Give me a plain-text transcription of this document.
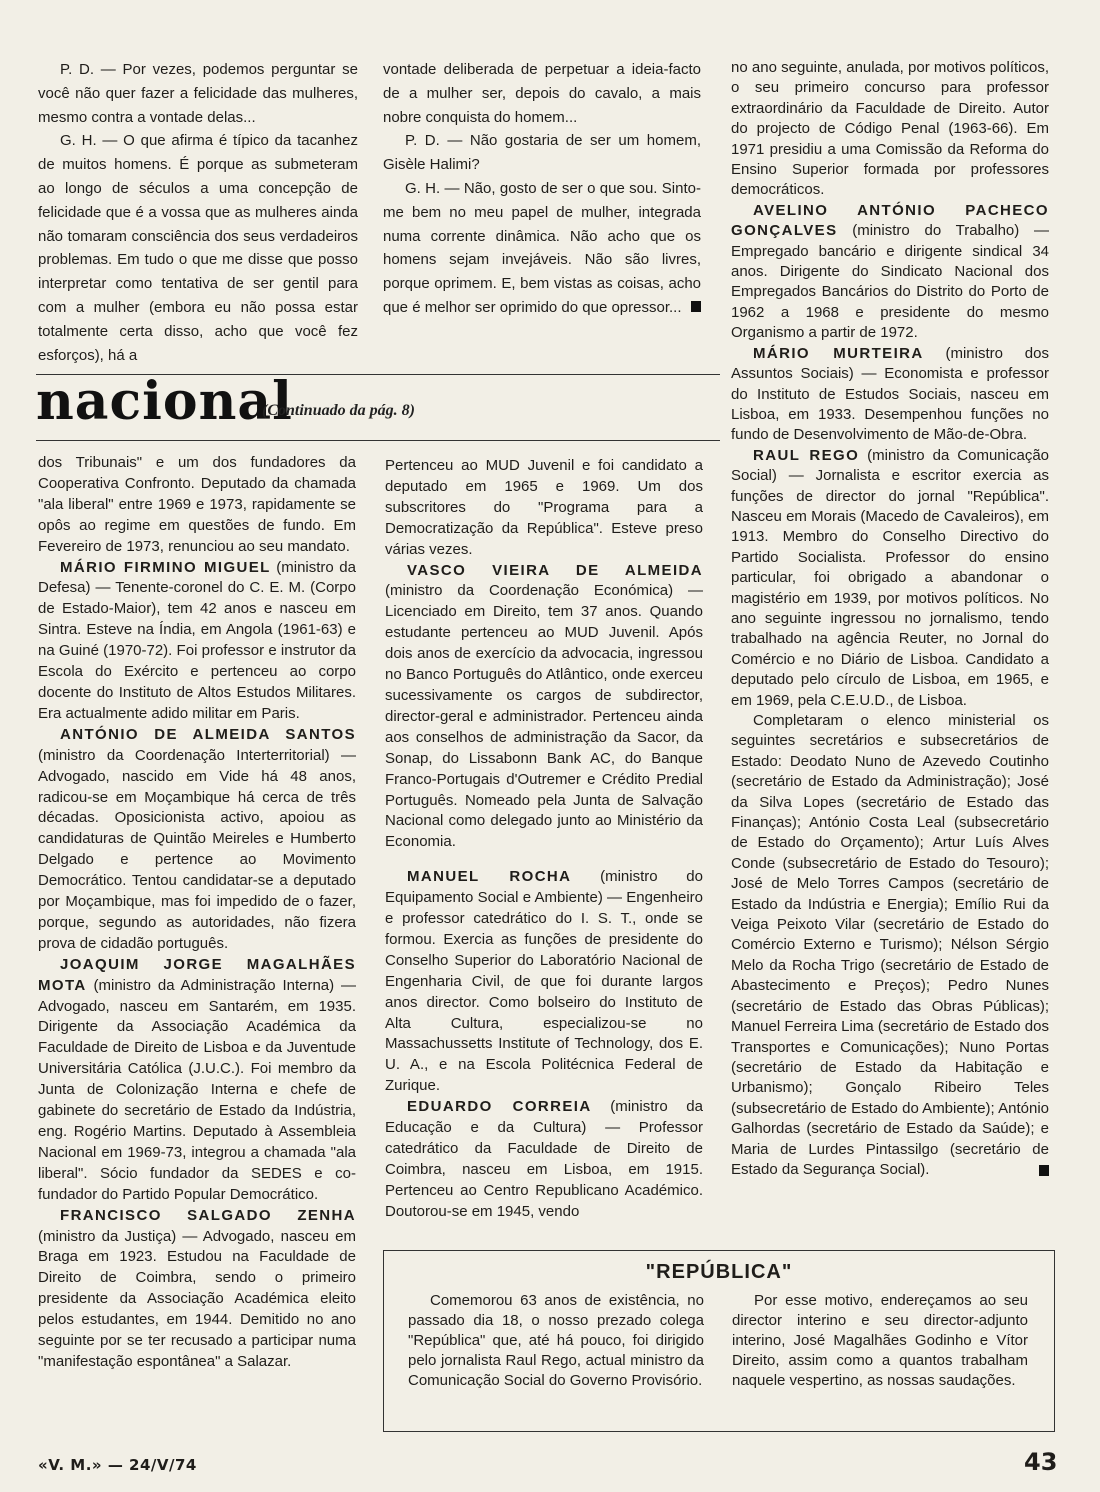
P. D. — Por vezes, podemos perguntar se você não quer fazer a felicidade das mulheres, mesmo contra a vontade delas...

G. H. — O que afirma é típico da tacanhez de muitos homens. É porque as submeteram ao longo de séculos a uma concepção de felicidade que é a vossa que as mulheres ainda não tomaram consciência dos seus verdadeiros problemas. Em tudo o que me disse que posso interpretar como tentativa de ser gentil para com a mulher (embora eu não possa estar totalmente certa disso, acho que você fez esforços), há a

vontade deliberada de perpetuar a ideia-facto de a mulher ser, depois do cavalo, a mais nobre conquista do homem...

P. D. — Não gostaria de ser um homem, Gisèle Halimi?

G. H. — Não, gosto de ser o que sou. Sinto-me bem no meu papel de mulher, integrada numa corrente dinâmica. Não acho que os homens sejam invejáveis. Não são livres, porque oprimem. E, bem vistas as coisas, acho que é melhor ser oprimido do que opressor...

nacional
(Continuado da pág. 8)

dos Tribunais" e um dos fundadores da Cooperativa Confronto. Deputado da chamada "ala liberal" entre 1969 e 1973, rapidamente se opôs ao regime em questões de fundo. Em Fevereiro de 1973, renunciou ao seu mandato.

MÁRIO FIRMINO MIGUEL (ministro da Defesa) — Tenente-coronel do C. E. M. (Corpo de Estado-Maior), tem 42 anos e nasceu em Sintra. Esteve na Índia, em Angola (1961-63) e na Guiné (1970-72). Foi professor e instrutor da Escola do Exército e pertenceu ao corpo docente do Instituto de Altos Estudos Militares. Era actualmente adido militar em Paris.

ANTÓNIO DE ALMEIDA SANTOS (ministro da Coordenação Interterritorial) — Advogado, nascido em Vide há 48 anos, radicou-se em Moçambique há cerca de três décadas. Oposicionista activo, apoiou as candidaturas de Quintão Meireles e Humberto Delgado e pertence ao Movimento Democrático. Tentou candidatar-se a deputado por Moçambique, mas foi impedido de o fazer, porque, segundo as autoridades, não fizera prova de cidadão português.

JOAQUIM JORGE MAGALHÃES MOTA (ministro da Administração Interna) — Advogado, nasceu em Santarém, em 1935. Dirigente da Associação Académica da Faculdade de Direito de Lisboa e da Juventude Universitária Católica (J.U.C.). Foi membro da Junta de Colonização Interna e chefe de gabinete do secretário de Estado da Indústria, eng. Rogério Martins. Deputado à Assembleia Nacional em 1969-73, integrou a chamada "ala liberal". Sócio fundador da SEDES e co-fundador do Partido Popular Democrático.

FRANCISCO SALGADO ZENHA (ministro da Justiça) — Advogado, nasceu em Braga em 1923. Estudou na Faculdade de Direito de Coimbra, sendo o primeiro presidente da Associação Académica eleito pelos estudantes, em 1944. Demitido no ano seguinte por se ter recusado a participar numa "manifestação espontânea" a Salazar.

Pertenceu ao MUD Juvenil e foi candidato a deputado em 1965 e 1969. Um dos subscritores do "Programa para a Democratização da República". Esteve preso várias vezes.

VASCO VIEIRA DE ALMEIDA (ministro da Coordenação Económica) — Licenciado em Direito, tem 37 anos. Quando estudante pertenceu ao MUD Juvenil. Após dois anos de exercício da advocacia, ingressou no Banco Português do Atlântico, onde exerceu sucessivamente os cargos de subdirector, director-geral e administrador. Pertenceu ainda aos conselhos de administração da Sacor, da Sonap, do Lissabonn Bank AC, do Banque Franco-Portugais d'Outremer e Crédito Predial Português. Nomeado pela Junta de Salvação Nacional como delegado junto ao Ministério da Economia.

MANUEL ROCHA (ministro do Equipamento Social e Ambiente) — Engenheiro e professor catedrático do I. S. T., onde se formou. Exercia as funções de presidente do Conselho Superior do Laboratório Nacional de Engenharia Civil, de que foi durante largos anos director. Como bolseiro do Instituto de Alta Cultura, especializou-se no Massachussetts Institute of Technology, dos E. U. A., e na Escola Politécnica Federal de Zurique.

EDUARDO CORREIA (ministro da Educação e da Cultura) — Professor catedrático da Faculdade de Direito de Coimbra, nasceu em Lisboa, em 1915. Pertenceu ao Centro Republicano Académico. Doutorou-se em 1945, vendo

no ano seguinte, anulada, por motivos políticos, o seu primeiro concurso para professor extraordinário da Faculdade de Direito. Autor do projecto de Código Penal (1963-66). Em 1971 presidiu a uma Comissão da Reforma do Ensino Superior formada por professores democráticos.

AVELINO ANTÓNIO PACHECO GONÇALVES (ministro do Trabalho) — Empregado bancário e dirigente sindical 34 anos. Dirigente do Sindicato Nacional dos Empregados Bancários do Distrito do Porto de 1962 a 1968 e presidente do mesmo Organismo a partir de 1972.

MÁRIO MURTEIRA (ministro dos Assuntos Sociais) — Economista e professor do Instituto de Estudos Sociais, nasceu em Lisboa, em 1933. Desempenhou funções no fundo de Desenvolvimento de Mão-de-Obra.

RAUL REGO (ministro da Comunicação Social) — Jornalista e escritor exercia as funções de director do jornal "República". Nasceu em Morais (Macedo de Cavaleiros), em 1913. Membro do Conselho Directivo do Partido Socialista. Professor do ensino particular, foi obrigado a abandonar o magistério em 1939, por motivos políticos. No ano seguinte ingressou no jornalismo, tendo trabalhado na agência Reuter, no Jornal do Comércio e no Diário de Lisboa. Candidato a deputado pelo círculo de Lisboa, em 1965, e em 1969, pela C.E.U.D., de Lisboa.

Completaram o elenco ministerial os seguintes secretários e subsecretários de Estado: Deodato Nuno de Azevedo Coutinho (secretário de Estado da Administração); José da Silva Lopes (secretário de Estado das Finanças); António Costa Leal (subsecretário de Estado do Orçamento); Artur Luís Alves Conde (subsecretário de Estado do Tesouro); José de Melo Torres Campos (secretário de Estado da Indústria e Energia); Emílio Rui da Veiga Peixoto Vilar (secretário de Estado do Comércio Externo e Turismo); Nélson Sérgio Melo da Rocha Trigo (secretário de Estado de Abastecimento e Preços); Pedro Nunes (secretário de Estado das Obras Públicas); Manuel Ferreira Lima (secretário de Estado dos Transportes e Comunicações); Nuno Portas (secretário de Estado da Habitação e Urbanismo); Gonçalo Ribeiro Teles (subsecretário de Estado do Ambiente); António Galhordas (secretário de Estado da Saúde); e Maria de Lurdes Pintassilgo (secretário de Estado da Segurança Social).

"REPÚBLICA"

Comemorou 63 anos de existência, no passado dia 18, o nosso prezado colega "República" que, até há pouco, foi dirigido pelo jornalista Raul Rego, actual ministro da Comunicação Social do Governo Provisório.

Por esse motivo, endereçamos ao seu director interino e seu director-adjunto interino, José Magalhães Godinho e Vítor Direito, assim como a quantos trabalham naquele vespertino, as nossas saudações.

«V. M.» — 24/V/74	43
